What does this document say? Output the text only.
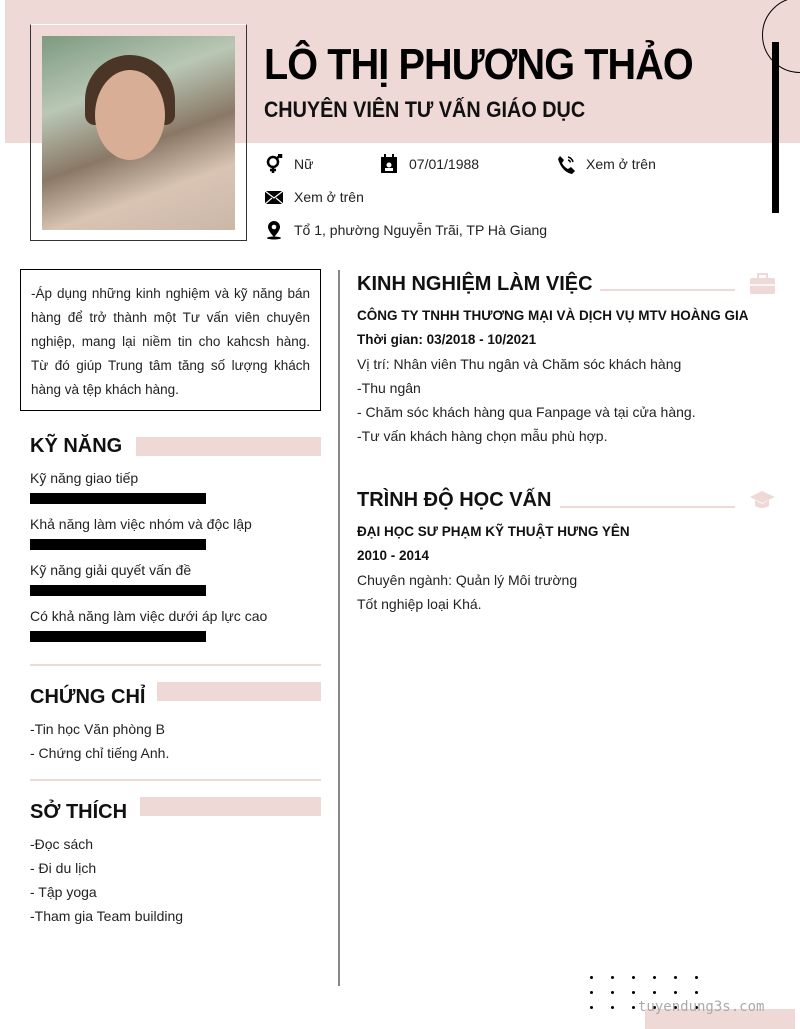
LÔ THỊ PHƯƠNG THẢO
CHUYÊN VIÊN TƯ VẤN GIÁO DỤC
Nữ	07/01/1988	Xem ở trên
Xem ở trên
Tổ 1, phường Nguyễn Trãi, TP Hà Giang
-Áp dụng những kinh nghiệm và kỹ năng bán hàng để trở thành một Tư vấn viên chuyên nghiệp, mang lại niềm tin cho kahcsh hàng. Từ đó giúp Trung tâm tăng số lượng khách hàng và tệp khách hàng.
KỸ NĂNG
Kỹ năng giao tiếp
Khả năng làm việc nhóm và độc lập
Kỹ năng giải quyết vấn đề
Có khả năng làm việc dưới áp lực cao
CHỨNG CHỈ
-Tin học Văn phòng B
- Chứng chỉ tiếng Anh.
SỞ THÍCH
-Đọc sách
- Đi du lịch
- Tập yoga
-Tham gia Team building
KINH NGHIỆM LÀM VIỆC
CÔNG TY TNHH THƯƠNG MẠI VÀ DỊCH VỤ MTV HOÀNG GIA
Thời gian: 03/2018 - 10/2021
Vị trí: Nhân viên Thu ngân và Chăm sóc khách hàng
-Thu ngân
- Chăm sóc khách hàng qua Fanpage và tại cửa hàng.
-Tư vấn khách hàng chọn mẫu phù hợp.
TRÌNH ĐỘ HỌC VẤN
ĐẠI HỌC SƯ PHẠM KỸ THUẬT HƯNG YÊN
2010 - 2014
Chuyên ngành: Quản lý Môi trường
Tốt nghiệp loại Khá.
tuyendung3s.com
